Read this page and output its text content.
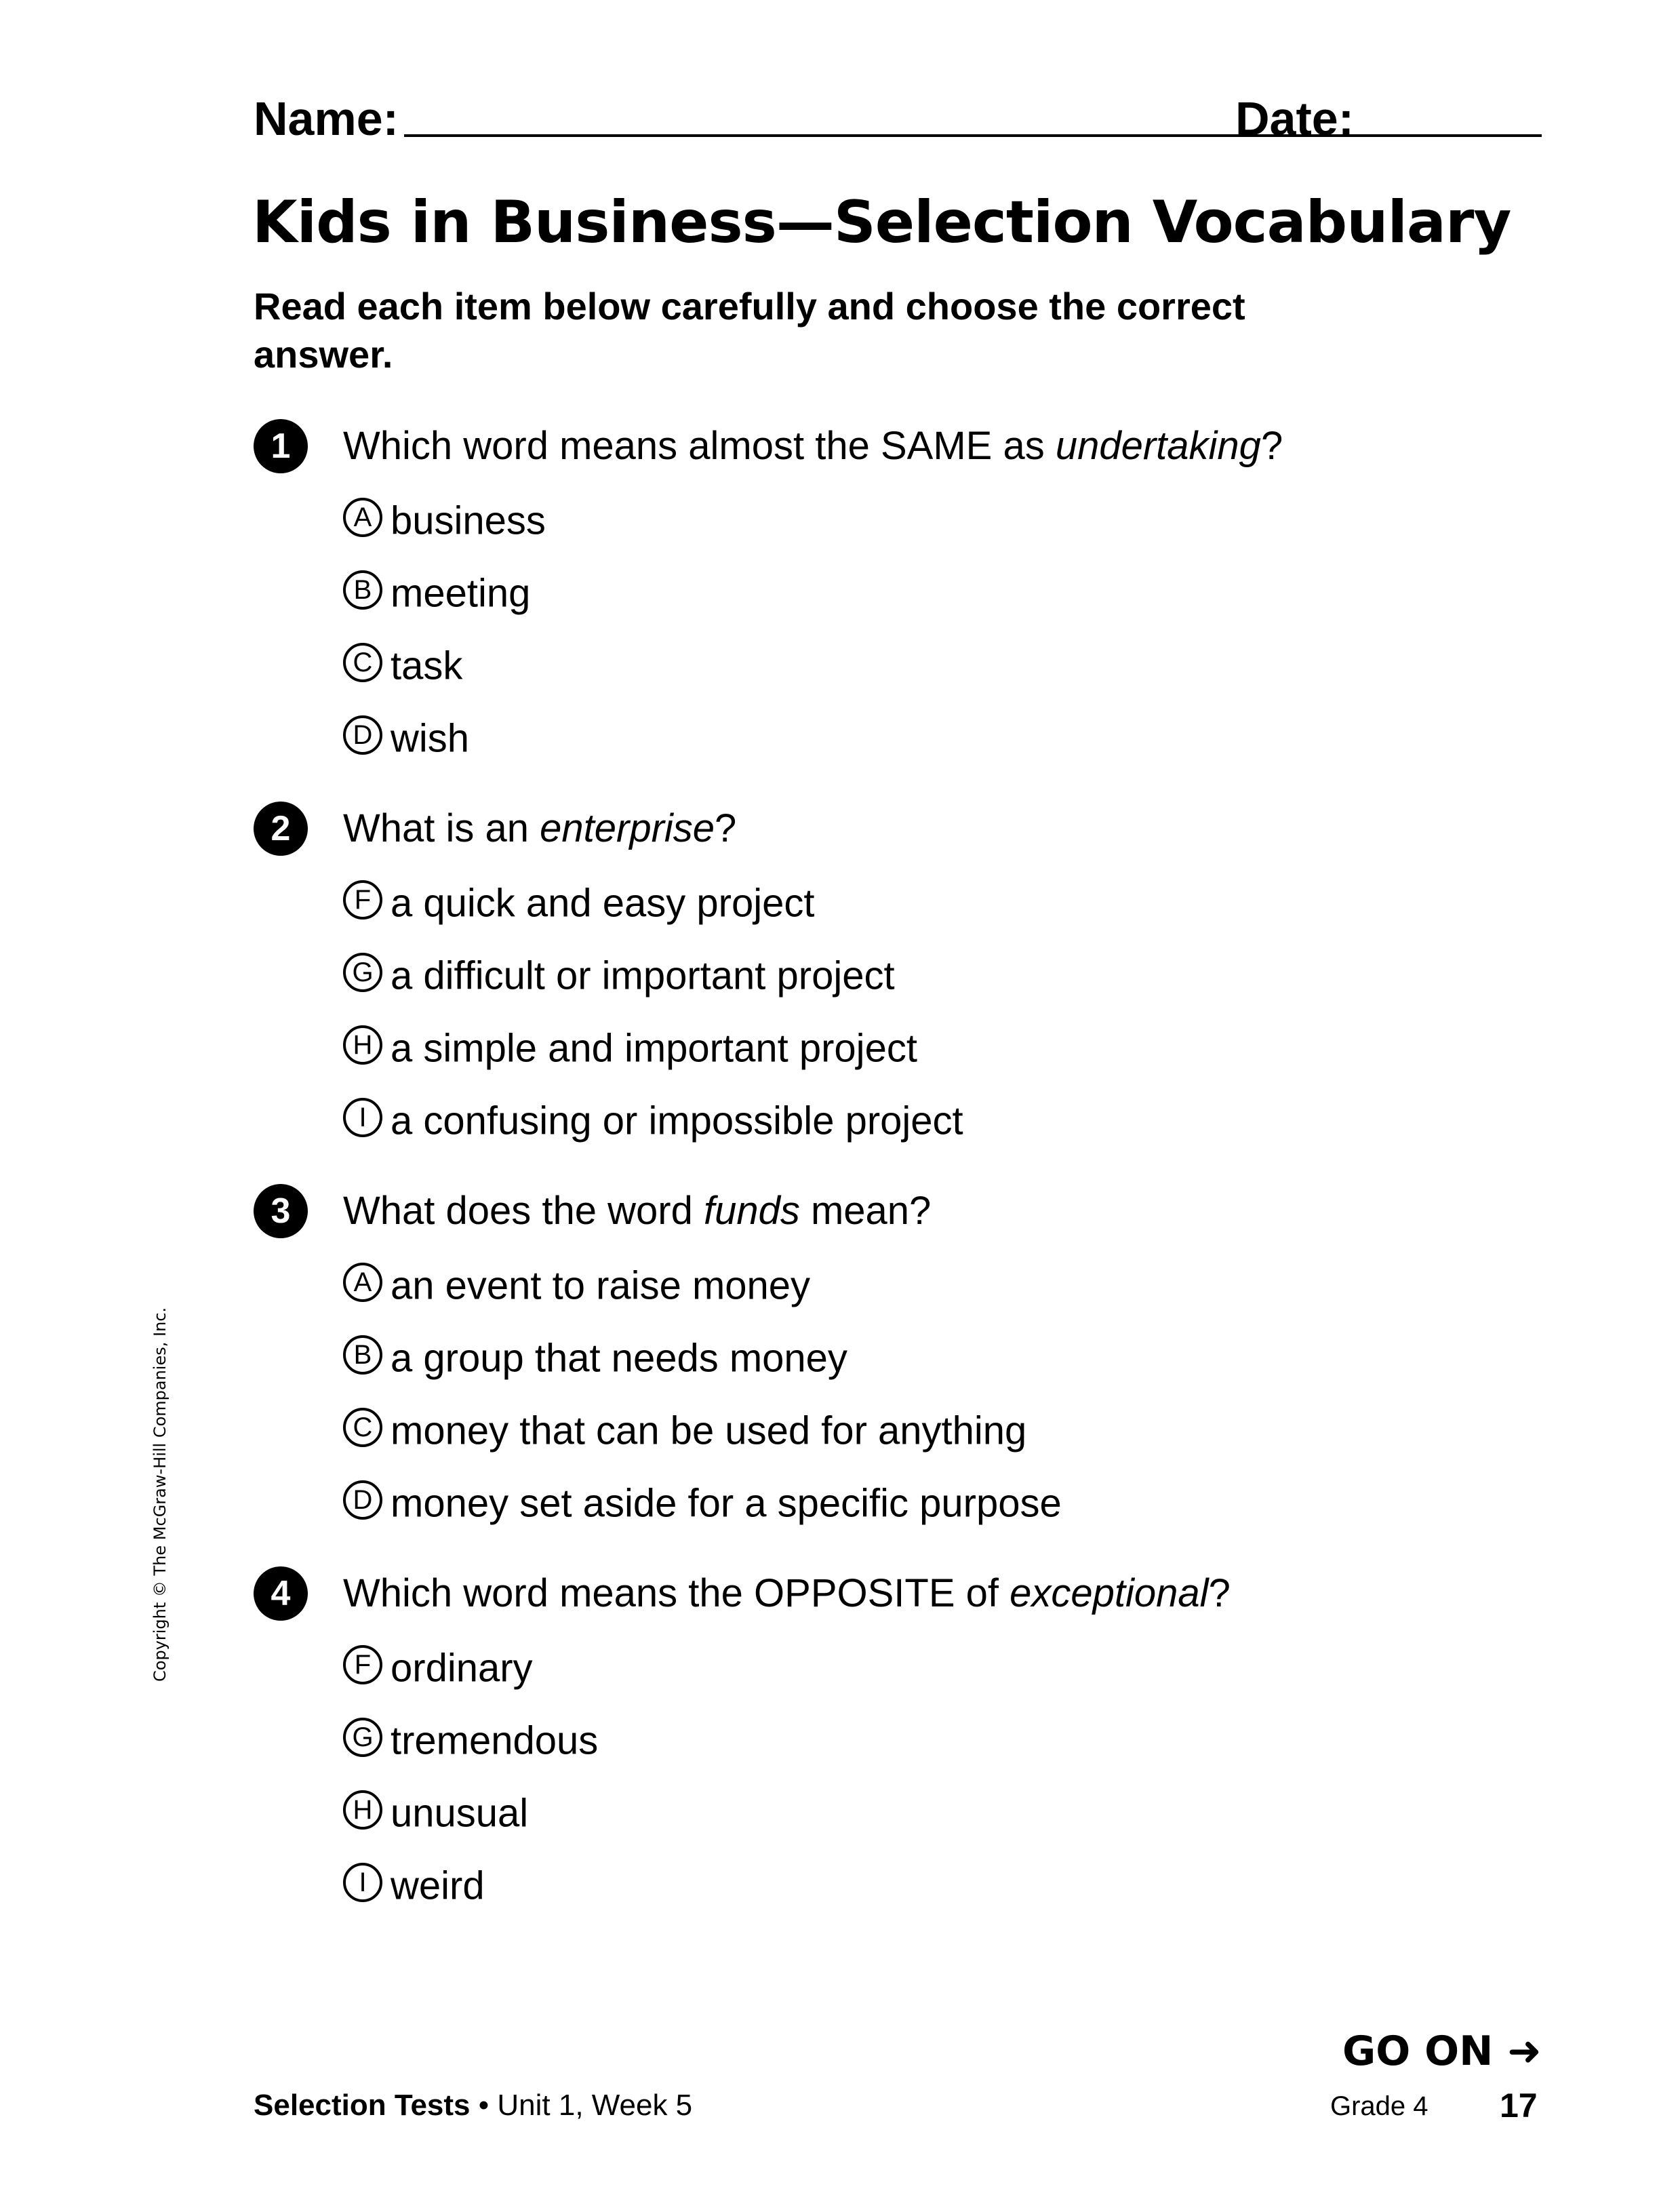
Name:	Date:
Kids in Business—Selection Vocabulary
Read each item below carefully and choose the correct answer.
1	Which word means almost the SAME as undertaking?
A business
B meeting
C task
D wish
2	What is an enterprise?
F a quick and easy project
G a difficult or important project
H a simple and important project
I a confusing or impossible project
3	What does the word funds mean?
A an event to raise money
B a group that needs money
C money that can be used for anything
D money set aside for a specific purpose
4	Which word means the OPPOSITE of exceptional?
F ordinary
G tremendous
H unusual
I weird
Copyright © The McGraw-Hill Companies, Inc.
GO ON ➜
Selection Tests • Unit 1, Week 5	Grade 4 17
